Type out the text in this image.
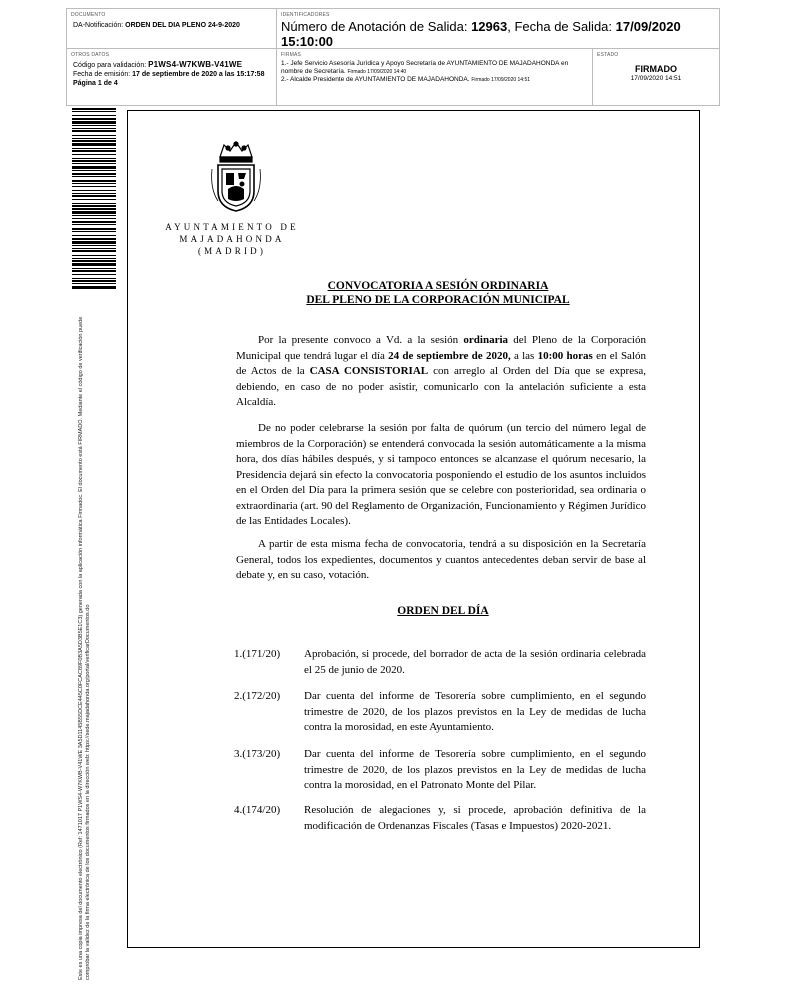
DOCUMENTO
DA-Notificación: ORDEN DEL DIA PLENO 24-9-2020
IDENTIFICADORES
Número de Anotación de Salida: 12963, Fecha de Salida: 17/09/2020 15:10:00
OTROS DATOS
Código para validación: P1WS4-W7KWB-V41WE
Fecha de emisión: 17 de septiembre de 2020 a las 15:17:58
Página 1 de 4
FIRMAS
1.- Jefe Servicio Asesoría Jurídica y Apoyo Secretaría de AYUNTAMIENTO DE MAJADAHONDA en nombre de Secretaría. Firmado 17/09/2020 14:40
2.- Alcalde Presidente de AYUNTAMIENTO DE MAJADAHONDA. Firmado 17/09/2020 14:51
ESTADO
FIRMADO
17/09/2020 14:51
Este es una copia impresa del documento electrónico (Ref: 1471017 P1WS4-W7KWB-V41WE 3A5D1145B55DCE445C0FCAC89F0B3A5D3B5E1C3) generada con la aplicación informática Firmadoc. El documento está FIRMADO. Mediante el código de verificación puede comprobar la validez de la firma electrónica de los documentos firmados en la dirección web: https://sede.majadahonda.org/portal/verificarDocumentos.do
AYUNTAMIENTO DE
MAJADAHONDA
(MADRID)
CONVOCATORIA A SESIÓN ORDINARIA
DEL PLENO DE LA CORPORACIÓN MUNICIPAL
Por la presente convoco a Vd. a la sesión ordinaria del Pleno de la Corporación Municipal que tendrá lugar el día 24 de septiembre de 2020, a las 10:00 horas en el Salón de Actos de la CASA CONSISTORIAL con arreglo al Orden del Día que se expresa, debiendo, en caso de no poder asistir, comunicarlo con la antelación suficiente a esta Alcaldía.
De no poder celebrarse la sesión por falta de quórum (un tercio del número legal de miembros de la Corporación) se entenderá convocada la sesión automáticamente a la misma hora, dos días hábiles después, y si tampoco entonces se alcanzase el quórum necesario, la Presidencia dejará sin efecto la convocatoria posponiendo el estudio de los asuntos incluidos en el Orden del Día para la primera sesión que se celebre con posterioridad, sea ordinaria o extraordinaria (art. 90 del Reglamento de Organización, Funcionamiento y Régimen Jurídico de las Entidades Locales).
A partir de esta misma fecha de convocatoria, tendrá a su disposición en la Secretaría General, todos los expedientes, documentos y cuantos antecedentes deban servir de base al debate y, en su caso, votación.
ORDEN DEL DÍA
1.(171/20)	Aprobación, si procede, del borrador de acta de la sesión ordinaria celebrada el 25 de junio de 2020.
2.(172/20)	Dar cuenta del informe de Tesorería sobre cumplimiento, en el segundo trimestre de 2020, de los plazos previstos en la Ley de medidas de lucha contra la morosidad, en este Ayuntamiento.
3.(173/20)	Dar cuenta del informe de Tesorería sobre cumplimiento, en el segundo trimestre de 2020, de los plazos previstos en la Ley de medidas de lucha contra la morosidad, en el Patronato Monte del Pilar.
4.(174/20)	Resolución de alegaciones y, si procede, aprobación definitiva de la modificación de Ordenanzas Fiscales (Tasas e Impuestos) 2020-2021.
